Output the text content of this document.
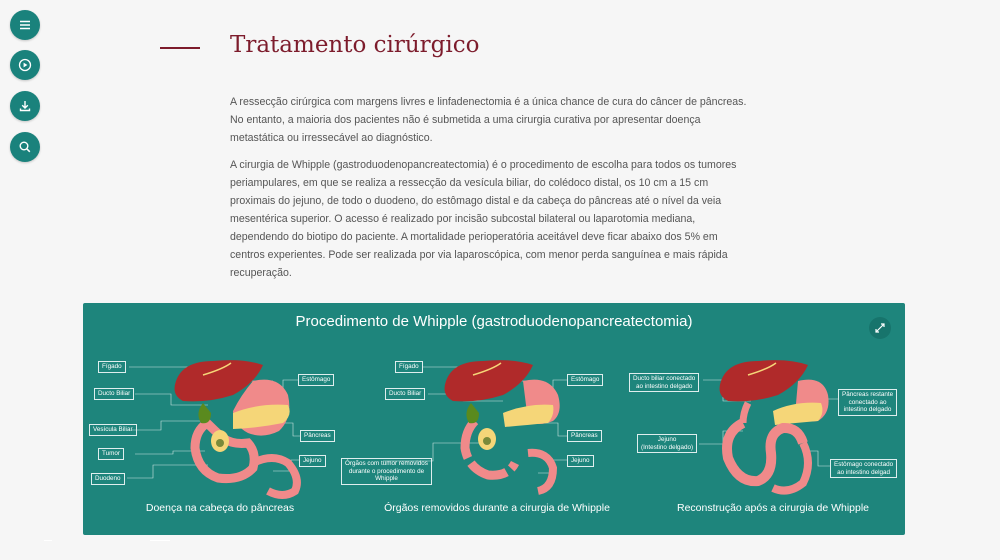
Tratamento cirúrgico

A ressecção cirúrgica com margens livres e linfadenectomia é a única chance de cura do câncer de pâncreas. No entanto, a maioria dos pacientes não é submetida a uma cirurgia curativa por apresentar doença metastática ou irressecável ao diagnóstico.

A cirurgia de Whipple (gastroduodenopancreatectomia) é o procedimento de escolha para todos os tumores periampulares, em que se realiza a ressecção da vesícula biliar, do colédoco distal, os 10 cm a 15 cm proximais do jejuno, de todo o duodeno, do estômago distal e da cabeça do pâncreas até o nível da veia mesentérica superior. O acesso é realizado por incisão subcostal bilateral ou laparotomia mediana, dependendo do biotipo do paciente. A mortalidade perioperatória aceitável deve ficar abaixo dos 5% em centros experientes. Pode ser realizada por via laparoscópica, com menor perda sanguínea e mais rápida recuperação.

Procedimento de Whipple (gastroduodenopancreatectomia)
Fígado
Ducto Biliar
Vesícula Biliar
Tumor
Duodeno
Estômago
Pâncreas
Jejuno
Doença na cabeça do pâncreas
Fígado
Ducto Biliar
Órgãos com tumor removidos
durante o procedimento de
Whipple
Estômago
Pâncreas
Jejuno
Órgãos removidos durante a cirurgia de Whipple
Ducto biliar conectado
ao intestino delgado
Jejuno
(Intestino delgado)
Pâncreas restante
conectado ao
intestino delgado
Estômago conectado
ao intestino delgad
Reconstrução após a cirurgia de Whipple
